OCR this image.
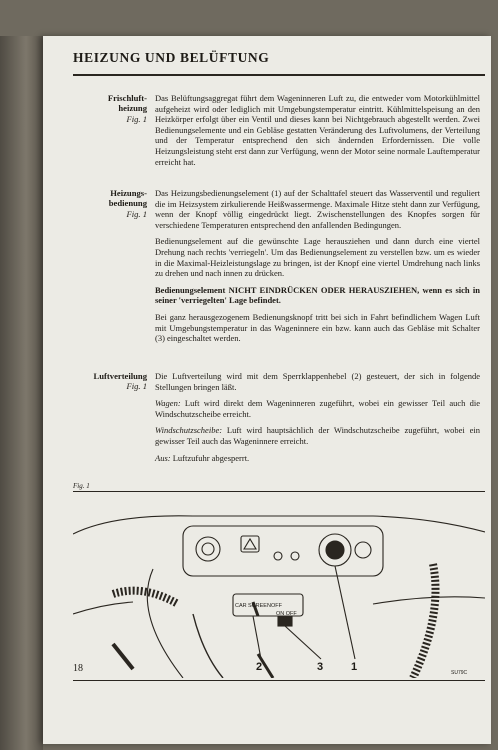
HEIZUNG UND BELÜFTUNG
Frischluft-
heizung
Fig. 1

Das Belüftungsaggregat führt dem Wageninneren Luft zu, die entweder vom Motorkühlmittel aufgeheizt wird oder lediglich mit Umgebungstemperatur eintritt. Kühlmittelspeisung an den Heizkörper erfolgt über ein Ventil und dieses kann bei Nichtgebrauch abgestellt werden. Zwei Bedienungselemente und ein Gebläse gestatten Veränderung des Luftvolumens, der Verteilung und der Temperatur entsprechend den sich ändernden Erfordernissen. Die volle Heizungsleistung steht erst dann zur Verfügung, wenn der Motor seine normale Lauftemperatur erreicht hat.

Heizungs-
bedienung
Fig. 1

Das Heizungsbedienungselement (1) auf der Schalttafel steuert das Wasserventil und reguliert die im Heizsystem zirkulierende Heißwassermenge. Maximale Hitze steht dann zur Verfügung, wenn der Knopf völlig eingedrückt liegt. Zwischenstellungen des Knopfes sorgen für verschiedene Temperaturen entsprechend den anfallenden Bedingungen.

Bedienungselement auf die gewünschte Lage herausziehen und dann durch eine viertel Drehung nach rechts 'verriegeln'. Um das Bedienungselement zu verstellen bzw. um es wieder in die Maximal-Heizleistungslage zu bringen, ist der Knopf eine viertel Umdrehung nach links zu drehen und nach innen zu drücken.

Bedienungselement NICHT EINDRÜCKEN ODER HERAUSZIEHEN, wenn es sich in seiner 'verriegelten' Lage befindet.

Bei ganz herausgezogenem Bedienungsknopf tritt bei sich in Fahrt befindlichem Wagen Luft mit Umgebungstemperatur in das Wageninnere ein bzw. kann auch das Gebläse mit Schalter (3) eingeschaltet werden.

Luftverteilung
Fig. 1

Die Luftverteilung wird mit dem Sperrklappenhebel (2) gesteuert, der sich in folgende Stellungen bringen läßt.

Wagen: Luft wird direkt dem Wageninneren zugeführt, wobei ein gewisser Teil auch die Windschutzscheibe erreicht.

Windschutzscheibe: Luft wird hauptsächlich der Windschutzscheibe zugeführt, wobei ein gewisser Teil auch das Wageninnere erreicht.

Aus: Luftzufuhr abgesperrt.

Fig. 1
CAR SCREEN OFF
ON OFF
2	3	1	SU79C
18
